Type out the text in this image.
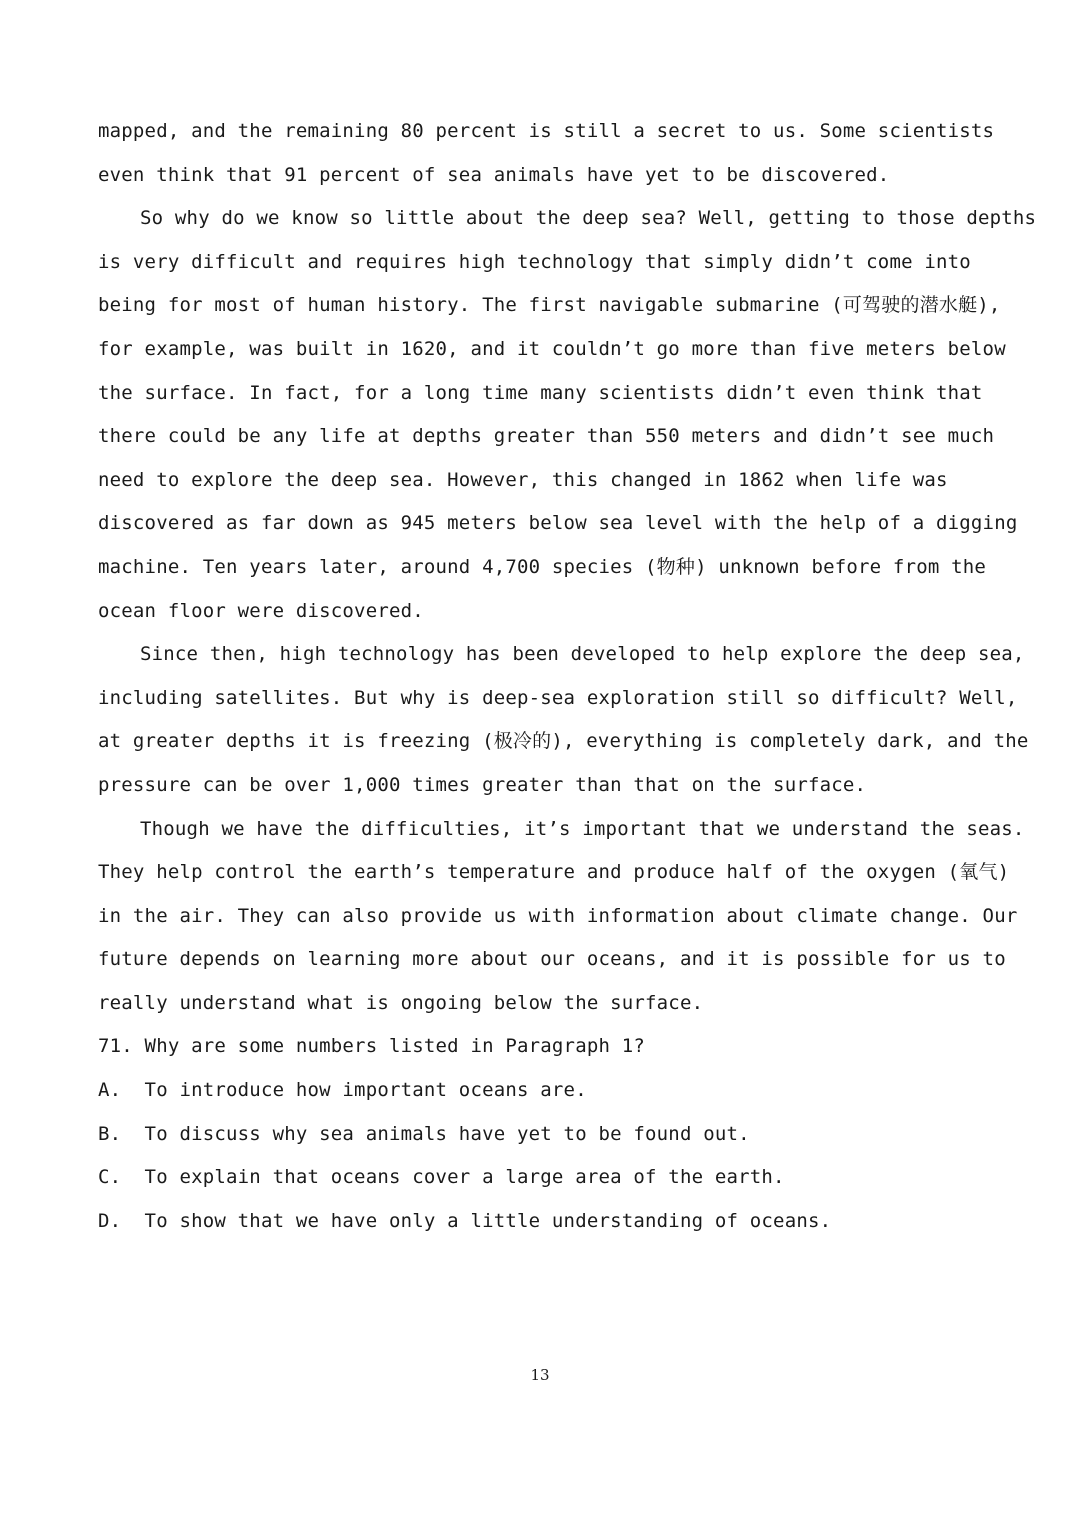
mapped, and the remaining 80 percent is still a secret to us. Some scientists
even think that 91 percent of sea animals have yet to be discovered.
So why do we know so little about the deep sea? Well, getting to those depths
is very difficult and requires high technology that simply didn’t come into
being for most of human history. The first navigable submarine (可驾驶的潜水艇),
for example, was built in 1620, and it couldn’t go more than five meters below
the surface. In fact, for a long time many scientists didn’t even think that
there could be any life at depths greater than 550 meters and didn’t see much
need to explore the deep sea. However, this changed in 1862 when life was
discovered as far down as 945 meters below sea level with the help of a digging
machine. Ten years later, around 4,700 species (物种) unknown before from the
ocean floor were discovered.
Since then, high technology has been developed to help explore the deep sea,
including satellites. But why is deep-sea exploration still so difficult? Well,
at greater depths it is freezing (极冷的), everything is completely dark, and the
pressure can be over 1,000 times greater than that on the surface.
Though we have the difficulties, it’s important that we understand the seas.
They help control the earth’s temperature and produce half of the oxygen (氧气)
in the air. They can also provide us with information about climate change. Our
future depends on learning more about our oceans, and it is possible for us to
really understand what is ongoing below the surface.
71. Why are some numbers listed in Paragraph 1?
A.  To introduce how important oceans are.
B.  To discuss why sea animals have yet to be found out.
C.  To explain that oceans cover a large area of the earth.
D.  To show that we have only a little understanding of oceans.
13
